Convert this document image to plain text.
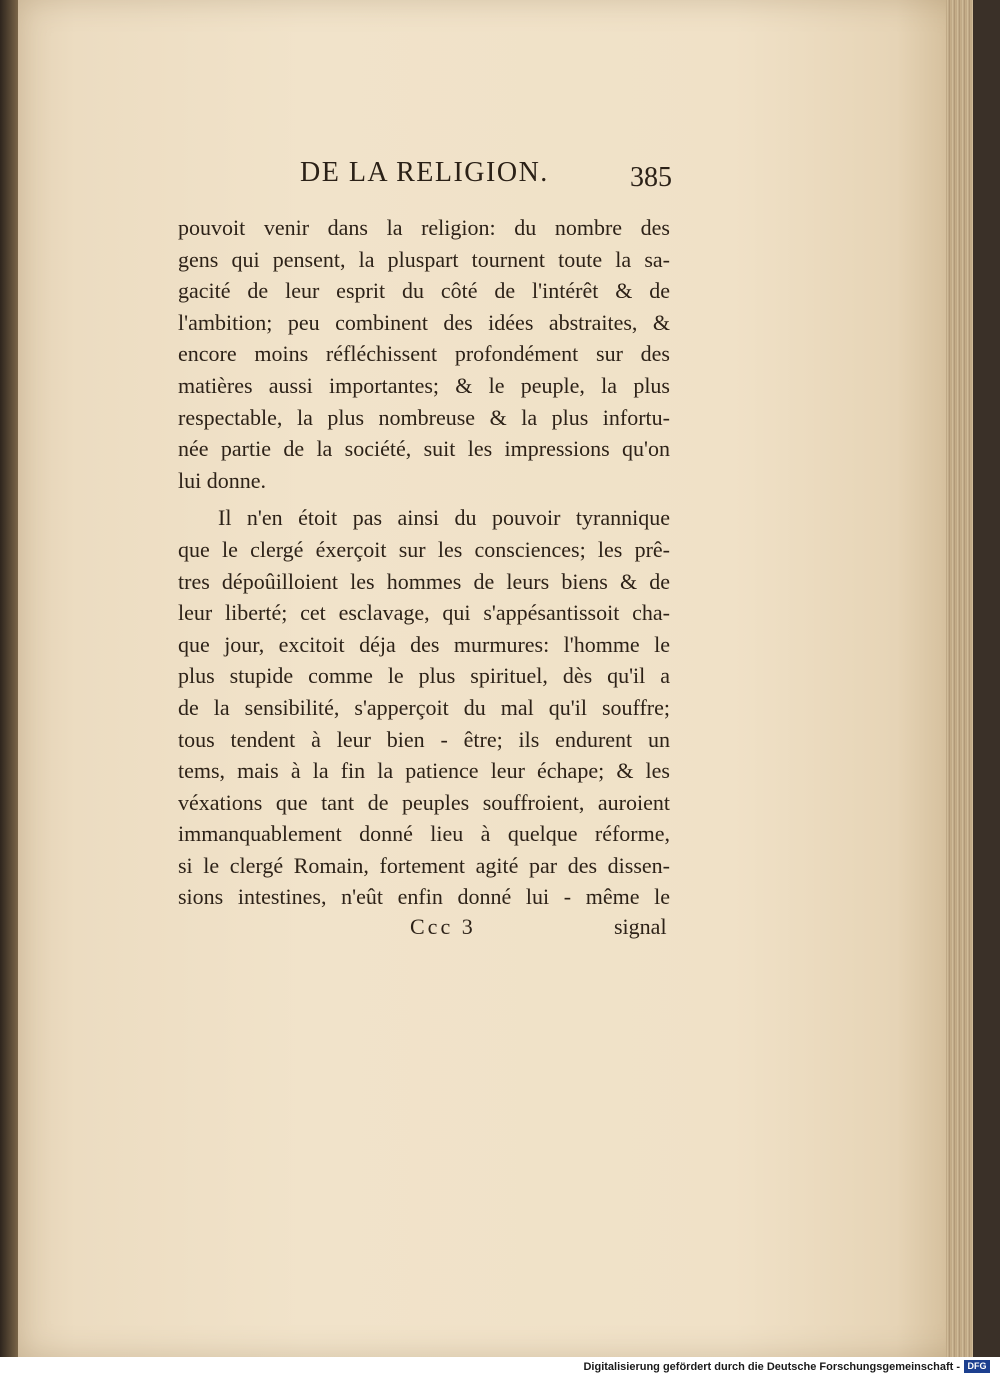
DE LA RELIGION.	385
pouvoit venir dans la religion: du nombre des
gens qui pensent, la pluspart tournent toute la sa-
gacité de leur esprit du côté de l'intérêt & de
l'ambition; peu combinent des idées abstraites, &
encore moins réfléchissent profondément sur des
matières aussi importantes; & le peuple, la plus
respectable, la plus nombreuse & la plus infortu-
née partie de la société, suit les impressions qu'on
lui donne.
Il n'en étoit pas ainsi du pouvoir tyrannique
que le clergé éxerçoit sur les consciences; les prê-
tres dépoûilloient les hommes de leurs biens & de
leur liberté; cet esclavage, qui s'appésantissoit cha-
que jour, excitoit déja des murmures: l'homme le
plus stupide comme le plus spirituel, dès qu'il a
de la sensibilité, s'apperçoit du mal qu'il souffre;
tous tendent à leur bien - être; ils endurent un
tems, mais à la fin la patience leur échape; & les
véxations que tant de peuples souffroient, auroient
immanquablement donné lieu à quelque réforme,
si le clergé Romain, fortement agité par des dissen-
sions intestines, n'eût enfin donné lui - même le
Ccc 3	signal
Digitalisierung gefördert durch die Deutsche Forschungsgemeinschaft - DFG
